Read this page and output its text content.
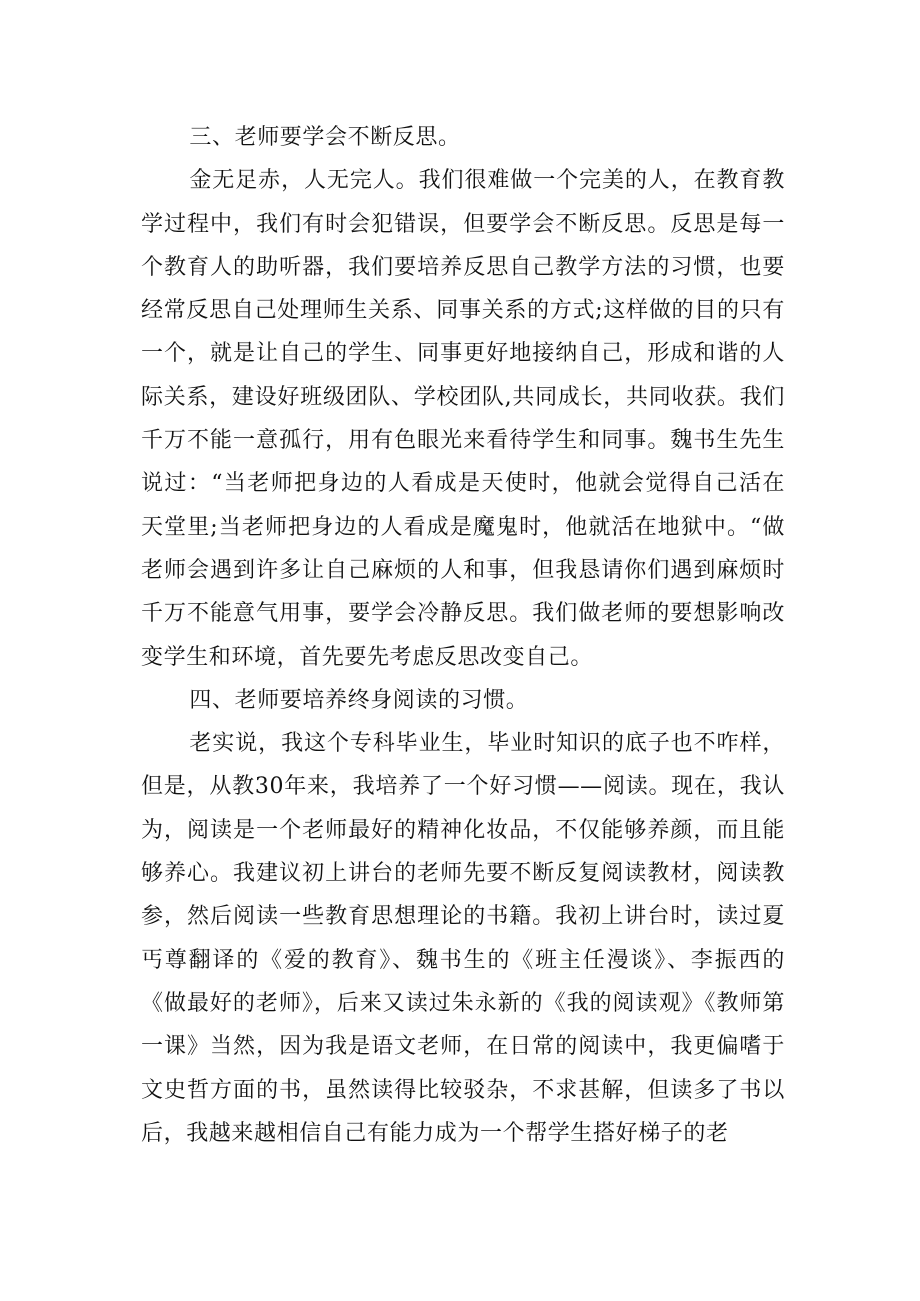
三、老师要学会不断反思。

金无足赤，人无完人。我们很难做一个完美的人，在教育教学过程中，我们有时会犯错误，但要学会不断反思。反思是每一个教育人的助听器，我们要培养反思自己教学方法的习惯，也要经常反思自己处理师生关系、同事关系的方式;这样做的目的只有一个，就是让自己的学生、同事更好地接纳自己，形成和谐的人际关系，建设好班级团队、学校团队,共同成长，共同收获。我们千万不能一意孤行，用有色眼光来看待学生和同事。魏书生先生说过：“当老师把身边的人看成是天使时，他就会觉得自己活在天堂里;当老师把身边的人看成是魔鬼时，他就活在地狱中。“做老师会遇到许多让自己麻烦的人和事，但我恳请你们遇到麻烦时千万不能意气用事，要学会冷静反思。我们做老师的要想影响改变学生和环境，首先要先考虑反思改变自己。

四、老师要培养终身阅读的习惯。

老实说，我这个专科毕业生，毕业时知识的底子也不咋样，但是，从教30年来，我培养了一个好习惯——阅读。现在，我认为，阅读是一个老师最好的精神化妆品，不仅能够养颜，而且能够养心。我建议初上讲台的老师先要不断反复阅读教材，阅读教参，然后阅读一些教育思想理论的书籍。我初上讲台时，读过夏丐尊翻译的《爱的教育》、魏书生的《班主任漫谈》、李振西的《做最好的老师》，后来又读过朱永新的《我的阅读观》《教师第一课》当然，因为我是语文老师，在日常的阅读中，我更偏嗜于文史哲方面的书，虽然读得比较驳杂，不求甚解，但读多了书以后，我越来越相信自己有能力成为一个帮学生搭好梯子的老
